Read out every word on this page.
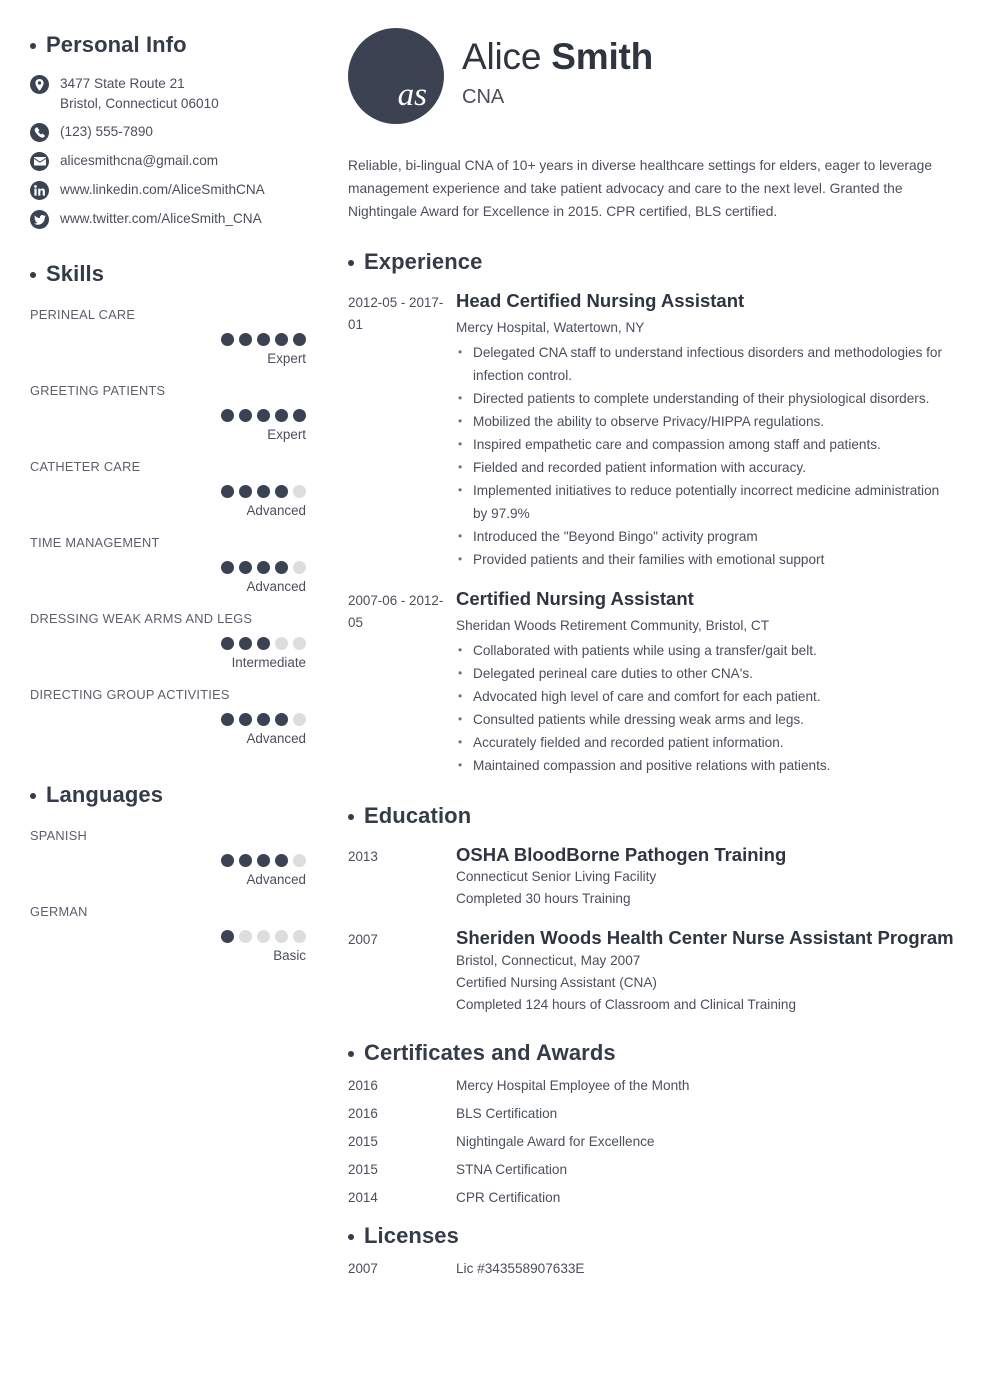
Personal Info
3477 State Route 21
Bristol, Connecticut 06010
(123) 555-7890
alicesmithcna@gmail.com
www.linkedin.com/AliceSmithCNA
www.twitter.com/AliceSmith_CNA
Skills
PERINEAL CARE
Expert
GREETING PATIENTS
Expert
CATHETER CARE
Advanced
TIME MANAGEMENT
Advanced
DRESSING WEAK ARMS AND LEGS
Intermediate
DIRECTING GROUP ACTIVITIES
Advanced
Languages
SPANISH
Advanced
GERMAN
Basic
as
Alice Smith
CNA

Reliable, bi-lingual CNA of 10+ years in diverse healthcare settings for elders, eager to leverage management experience and take patient advocacy and care to the next level. Granted the Nightingale Award for Excellence in 2015. CPR certified, BLS certified.

Experience
2012-05 - 2017-01
Head Certified Nursing Assistant
Mercy Hospital, Watertown, NY
• Delegated CNA staff to understand infectious disorders and methodologies for infection control.
• Directed patients to complete understanding of their physiological disorders.
• Mobilized the ability to observe Privacy/HIPPA regulations.
• Inspired empathetic care and compassion among staff and patients.
• Fielded and recorded patient information with accuracy.
• Implemented initiatives to reduce potentially incorrect medicine administration by 97.9%
• Introduced the "Beyond Bingo" activity program
• Provided patients and their families with emotional support
2007-06 - 2012-05
Certified Nursing Assistant
Sheridan Woods Retirement Community, Bristol, CT
• Collaborated with patients while using a transfer/gait belt.
• Delegated perineal care duties to other CNA's.
• Advocated high level of care and comfort for each patient.
• Consulted patients while dressing weak arms and legs.
• Accurately fielded and recorded patient information.
• Maintained compassion and positive relations with patients.
Education
2013	OSHA BloodBorne Pathogen Training
Connecticut Senior Living Facility
Completed 30 hours Training
2007	Sheriden Woods Health Center Nurse Assistant Program
Bristol, Connecticut, May 2007
Certified Nursing Assistant (CNA)
Completed 124 hours of Classroom and Clinical Training
Certificates and Awards
2016	Mercy Hospital Employee of the Month
2016	BLS Certification
2015	Nightingale Award for Excellence
2015	STNA Certification
2014	CPR Certification
Licenses
2007	Lic #343558907633E
